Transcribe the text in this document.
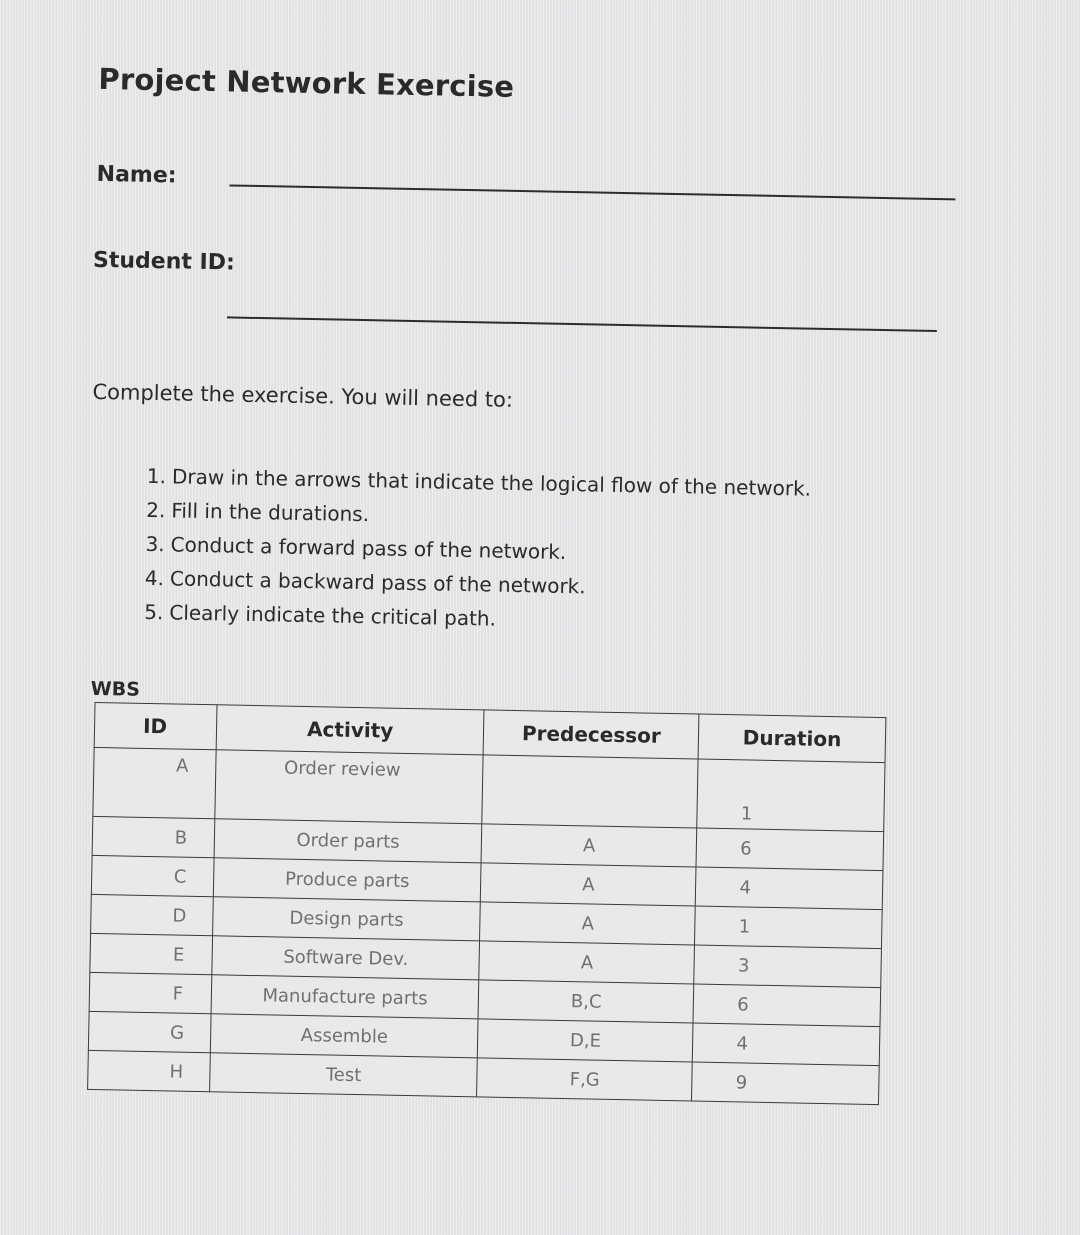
Project Network Exercise
Name:
Student ID:
Complete the exercise. You will need to:
1. Draw in the arrows that indicate the logical flow of the network.
2. Fill in the durations.
3. Conduct a forward pass of the network.
4. Conduct a backward pass of the network.
5. Clearly indicate the critical path.
WBS
ID	Activity	Predecessor	Duration
A	Order review		1
B	Order parts	A	6
C	Produce parts	A	4
D	Design parts	A	1
E	Software Dev.	A	3
F	Manufacture parts	B,C	6
G	Assemble	D,E	4
H	Test	F,G	9
